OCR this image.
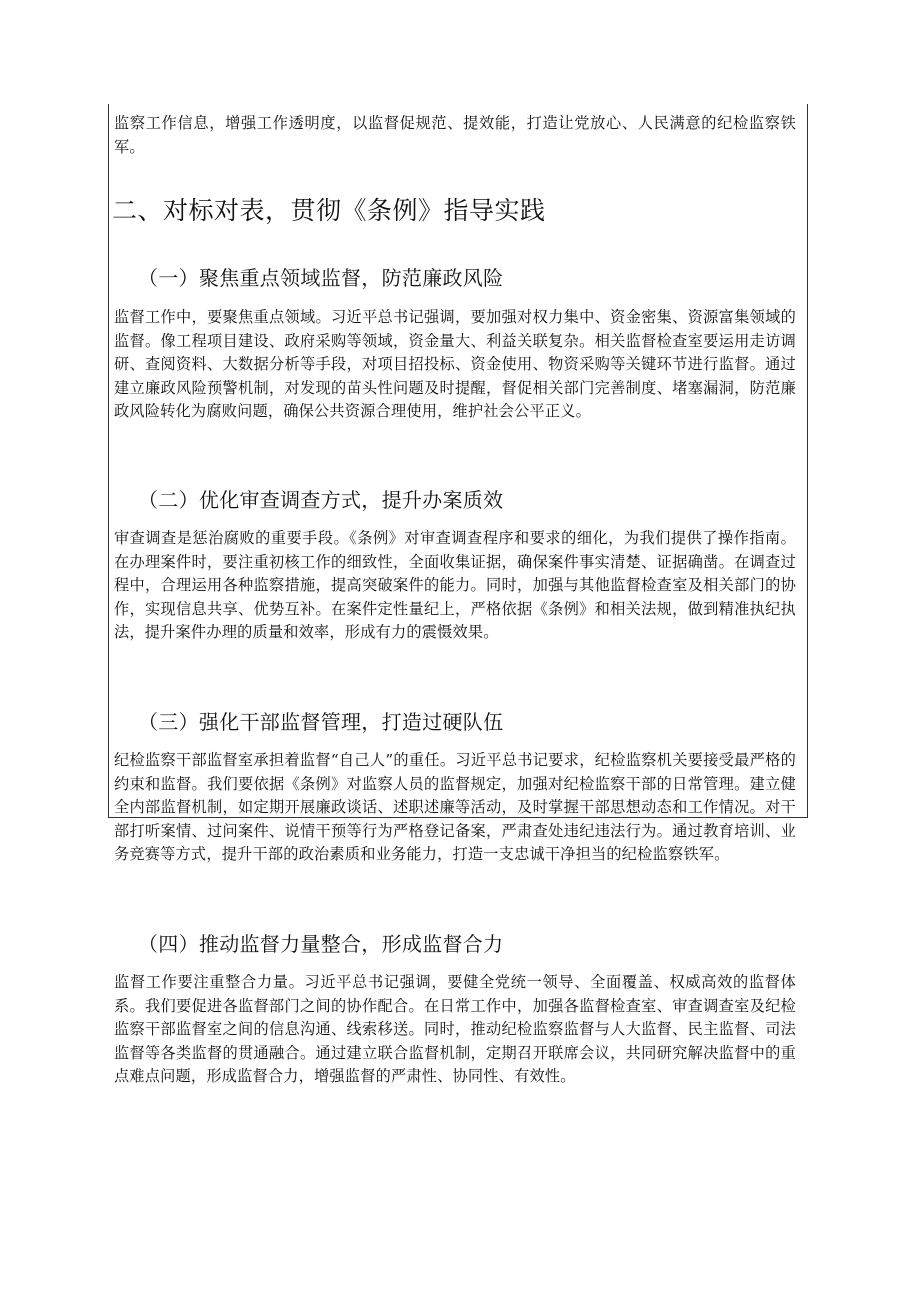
监察工作信息，增强工作透明度，以监督促规范、提效能，打造让党放心、人民满意的纪检监察铁军。

二、对标对表，贯彻《条例》指导实践
（一）聚焦重点领域监督，防范廉政风险

监督工作中，要聚焦重点领域。习近平总书记强调，要加强对权力集中、资金密集、资源富集领域的监督。像工程项目建设、政府采购等领域，资金量大、利益关联复杂。相关监督检查室要运用走访调研、查阅资料、大数据分析等手段，对项目招投标、资金使用、物资采购等关键环节进行监督。通过建立廉政风险预警机制，对发现的苗头性问题及时提醒，督促相关部门完善制度、堵塞漏洞，防范廉政风险转化为腐败问题，确保公共资源合理使用，维护社会公平正义。

（二）优化审查调查方式，提升办案质效

审查调查是惩治腐败的重要手段。《条例》对审查调查程序和要求的细化，为我们提供了操作指南。在办理案件时，要注重初核工作的细致性，全面收集证据，确保案件事实清楚、证据确凿。在调查过程中，合理运用各种监察措施，提高突破案件的能力。同时，加强与其他监督检查室及相关部门的协作，实现信息共享、优势互补。在案件定性量纪上，严格依据《条例》和相关法规，做到精准执纪执法，提升案件办理的质量和效率，形成有力的震慑效果。

（三）强化干部监督管理，打造过硬队伍

纪检监察干部监督室承担着监督“自己人”的重任。习近平总书记要求，纪检监察机关要接受最严格的约束和监督。我们要依据《条例》对监察人员的监督规定，加强对纪检监察干部的日常管理。建立健全内部监督机制，如定期开展廉政谈话、述职述廉等活动，及时掌握干部思想动态和工作情况。对干部打听案情、过问案件、说情干预等行为严格登记备案，严肃查处违纪违法行为。通过教育培训、业务竞赛等方式，提升干部的政治素质和业务能力，打造一支忠诚干净担当的纪检监察铁军。

（四）推动监督力量整合，形成监督合力

监督工作要注重整合力量。习近平总书记强调，要健全党统一领导、全面覆盖、权威高效的监督体系。我们要促进各监督部门之间的协作配合。在日常工作中，加强各监督检查室、审查调查室及纪检监察干部监督室之间的信息沟通、线索移送。同时，推动纪检监察监督与人大监督、民主监督、司法监督等各类监督的贯通融合。通过建立联合监督机制，定期召开联席会议，共同研究解决监督中的重点难点问题，形成监督合力，增强监督的严肃性、协同性、有效性。
